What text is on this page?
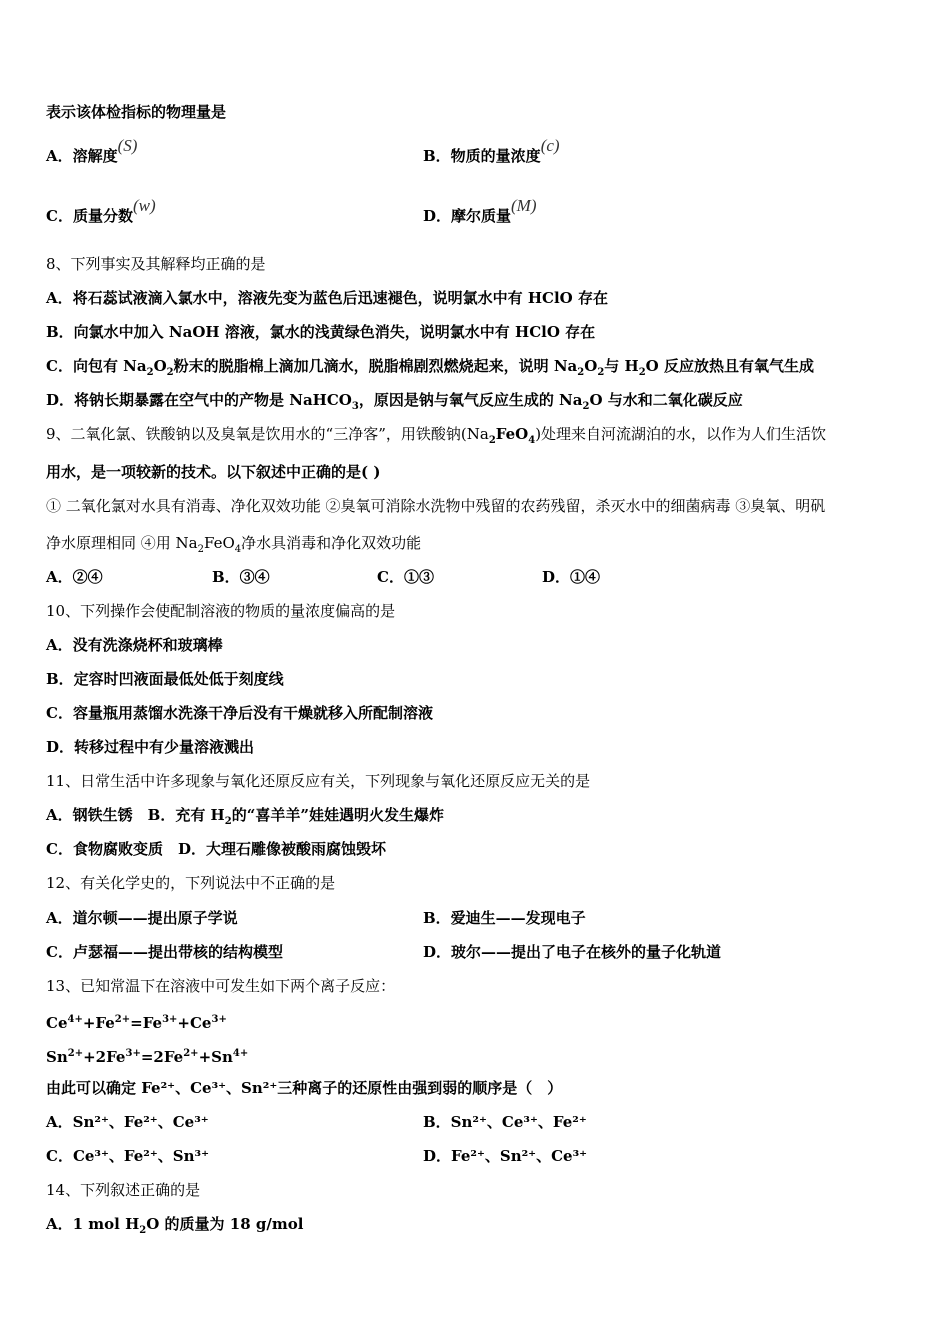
表示该体检指标的物理量是
A．溶解度(S)
B．物质的量浓度(c)
C．质量分数(w)
D．摩尔质量(M)
8、下列事实及其解释均正确的是
A．将石蕊试液滴入氯水中，溶液先变为蓝色后迅速褪色，说明氯水中有 HClO 存在
B．向氯水中加入 NaOH 溶液，氯水的浅黄绿色消失，说明氯水中有 HClO 存在
C．向包有 $Na_2O_2$粉末的脱脂棉上滴加几滴水，脱脂棉剧烈燃烧起来，说明 $Na_2O_2$与 $H_2O$ 反应放热且有氧气生成
D．将钠长期暴露在空气中的产物是 NaHCO$_3$，原因是钠与氧气反应生成的 $Na_2O$ 与水和二氧化碳反应
9、二氧化氯、铁酸钠以及臭氧是饮用水的“三净客”，用铁酸钠$(Na_2FeO_4)$处理来自河流湖泊的水，以作为人们生活饮
用水，是一项较新的技术。以下叙述中正确的是( )
① 二氧化氯对水具有消毒、净化双效功能 ②臭氧可消除水洗物中残留的农药残留，杀灭水中的细菌病毒 ③臭氧、明矾
净水原理相同 ④用 $Na_2FeO_4$净水具消毒和净化双效功能
A．②④	B．③④	C．①③	D．①④
10、下列操作会使配制溶液的物质的量浓度偏高的是
A．没有洗涤烧杯和玻璃棒
B．定容时凹液面最低处低于刻度线
C．容量瓶用蒸馏水洗涤干净后没有干燥就移入所配制溶液
D．转移过程中有少量溶液溅出
11、日常生活中许多现象与氧化还原反应有关，下列现象与氧化还原反应无关的是
A．钢铁生锈　B．充有 $H_2$的“喜羊羊”娃娃遇明火发生爆炸
C．食物腐败变质　D．大理石雕像被酸雨腐蚀毁坏
12、有关化学史的，下列说法中不正确的是
A．道尔顿——提出原子学说	B．爱迪生——发现电子
C．卢瑟福——提出带核的结构模型	D．玻尔——提出了电子在核外的量子化轨道
13、已知常温下在溶液中可发生如下两个离子反应：
$Ce^{4+}+Fe^{2+}=Fe^{3+}+Ce^{3+}$
$Sn^{2+}+2Fe^{3+}=2Fe^{2+}+Sn^{4+}$
由此可以确定 Fe²⁺、Ce³⁺、Sn²⁺三种离子的还原性由强到弱的顺序是（　）
A．Sn²⁺、Fe²⁺、Ce³⁺	B．Sn²⁺、Ce³⁺、Fe²⁺
C．Ce³⁺、Fe²⁺、Sn³⁺	D．Fe²⁺、Sn²⁺、Ce³⁺
14、下列叙述正确的是
A．1 mol $H_2O$ 的质量为 18 g/mol
